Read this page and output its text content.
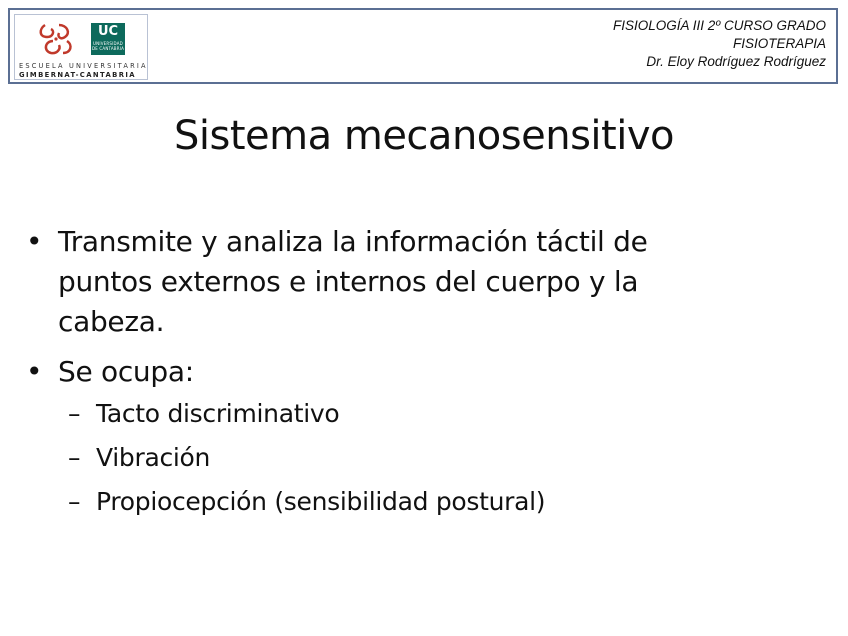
UC
UNIVERSIDAD DE CANTABRIA
ESCUELA UNIVERSITARIA
GIMBERNAT-CANTABRIA
FISIOLOGÍA III 2º CURSO GRADO
FISIOTERAPIA
Dr. Eloy Rodríguez Rodríguez
Sistema mecanosensitivo
• Transmite y analiza la información táctil de
puntos externos e internos del cuerpo y la
cabeza.
• Se ocupa:
– Tacto discriminativo
– Vibración
– Propiocepción (sensibilidad postural)
